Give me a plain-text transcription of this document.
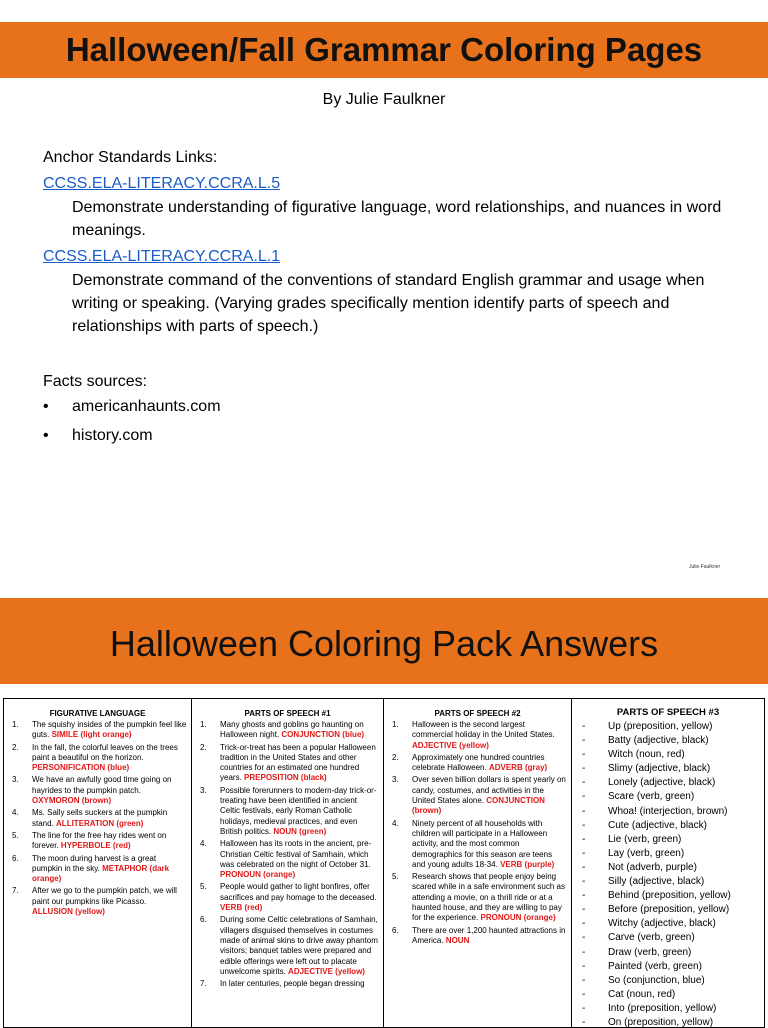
Halloween/Fall Grammar Coloring Pages
By Julie Faulkner
Anchor Standards Links:
CCSS.ELA-LITERACY.CCRA.L.5
Demonstrate understanding of figurative language, word relationships, and nuances in word meanings.
CCSS.ELA-LITERACY.CCRA.L.1
Demonstrate command of the conventions of standard English grammar and usage when writing or speaking. (Varying grades specifically mention identify parts of speech and relationships with parts of speech.)
Facts sources:
• americanhaunts.com
• history.com
Julie Faulkner
Halloween Coloring Pack Answers
FIGURATIVE LANGUAGE
1. The squishy insides of the pumpkin feel like guts. SIMILE (light orange)
2. In the fall, the colorful leaves on the trees paint a beautiful on the horizon. PERSONIFICATION (blue)
3. We have an awfully good time going on hayrides to the pumpkin patch. OXYMORON (brown)
4. Ms. Sally sells suckers at the pumpkin stand. ALLITERATION (green)
5. The line for the free hay rides went on forever. HYPERBOLE (red)
6. The moon during harvest is a great pumpkin in the sky. METAPHOR (dark orange)
7. After we go to the pumpkin patch, we will paint our pumpkins like Picasso. ALLUSION (yellow)
PARTS OF SPEECH #1
1. Many ghosts and goblins go haunting on Halloween night. CONJUNCTION (blue)
2. Trick-or-treat has been a popular Halloween tradition in the United States and other countries for an estimated one hundred years. PREPOSITION (black)
3. Possible forerunners to modern-day trick-or-treating have been identified in ancient Celtic festivals, early Roman Catholic holidays, medieval practices, and even British politics. NOUN (green)
4. Halloween has its roots in the ancient, pre-Christian Celtic festival of Samhain, which was celebrated on the night of October 31. PRONOUN (orange)
5. People would gather to light bonfires, offer sacrifices and pay homage to the deceased. VERB (red)
6. During some Celtic celebrations of Samhain, villagers disguised themselves in costumes made of animal skins to drive away phantom visitors; banquet tables were prepared and edible offerings were left out to placate unwelcome spirits. ADJECTIVE (yellow)
7. In later centuries, people began dressing
PARTS OF SPEECH #2
1. Halloween is the second largest commercial holiday in the United States. ADJECTIVE (yellow)
2. Approximately one hundred countries celebrate Halloween. ADVERB (gray)
3. Over seven billion dollars is spent yearly on candy, costumes, and activities in the United States alone. CONJUNCTION (brown)
4. Ninety percent of all households with children will participate in a Halloween activity, and the most common demographics for this season are teens and young adults 18-34. VERB (purple)
5. Research shows that people enjoy being scared while in a safe environment such as attending a movie, on a thrill ride or at a haunted house, and they are willing to pay for the experience. PRONOUN (orange)
6. There are over 1,200 haunted attractions in America. NOUN
PARTS OF SPEECH #3
- Up (preposition, yellow)
- Batty (adjective, black)
- Witch (noun, red)
- Slimy (adjective, black)
- Lonely (adjective, black)
- Scare (verb, green)
- Whoa! (interjection, brown)
- Cute (adjective, black)
- Lie (verb, green)
- Lay (verb, green)
- Not (adverb, purple)
- Silly (adjective, black)
- Behind (preposition, yellow)
- Before (preposition, yellow)
- Witchy (adjective, black)
- Carve (verb, green)
- Draw (verb, green)
- Painted (verb, green)
- So (conjunction, blue)
- Cat (noun, red)
- Into (preposition, yellow)
- On (preposition, yellow)
